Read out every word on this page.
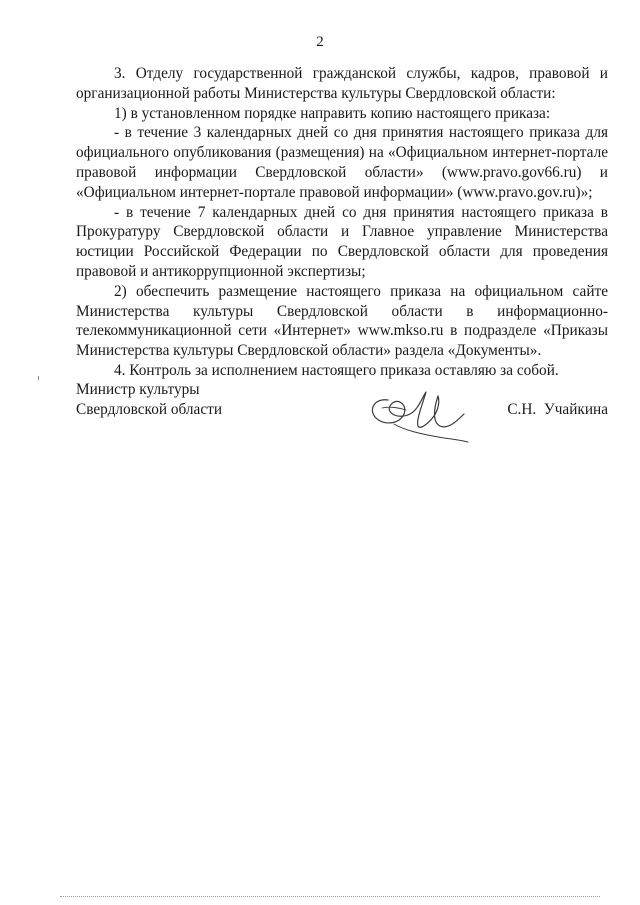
2

3. Отделу государственной гражданской службы, кадров, правовой и организационной работы Министерства культуры Свердловской области:

1) в установленном порядке направить копию настоящего приказа:

- в течение 3 календарных дней со дня принятия настоящего приказа для официального опубликования (размещения) на «Официальном интернет-портале правовой информации Свердловской области» (www.pravo.gov66.ru) и «Официальном интернет-портале правовой информации» (www.pravo.gov.ru)»;

- в течение 7 календарных дней со дня принятия настоящего приказа в Прокуратуру Свердловской области и Главное управление Министерства юстиции Российской Федерации по Свердловской области для проведения правовой и антикоррупционной экспертизы;

2) обеспечить размещение настоящего приказа на официальном сайте Министерства культуры Свердловской области в информационно-телекоммуникационной сети «Интернет» www.mkso.ru в подразделе «Приказы Министерства культуры Свердловской области» раздела «Документы».

4. Контроль за исполнением настоящего приказа оставляю за собой.

Министр культуры
Свердловской области	С.Н.  Учайкина
